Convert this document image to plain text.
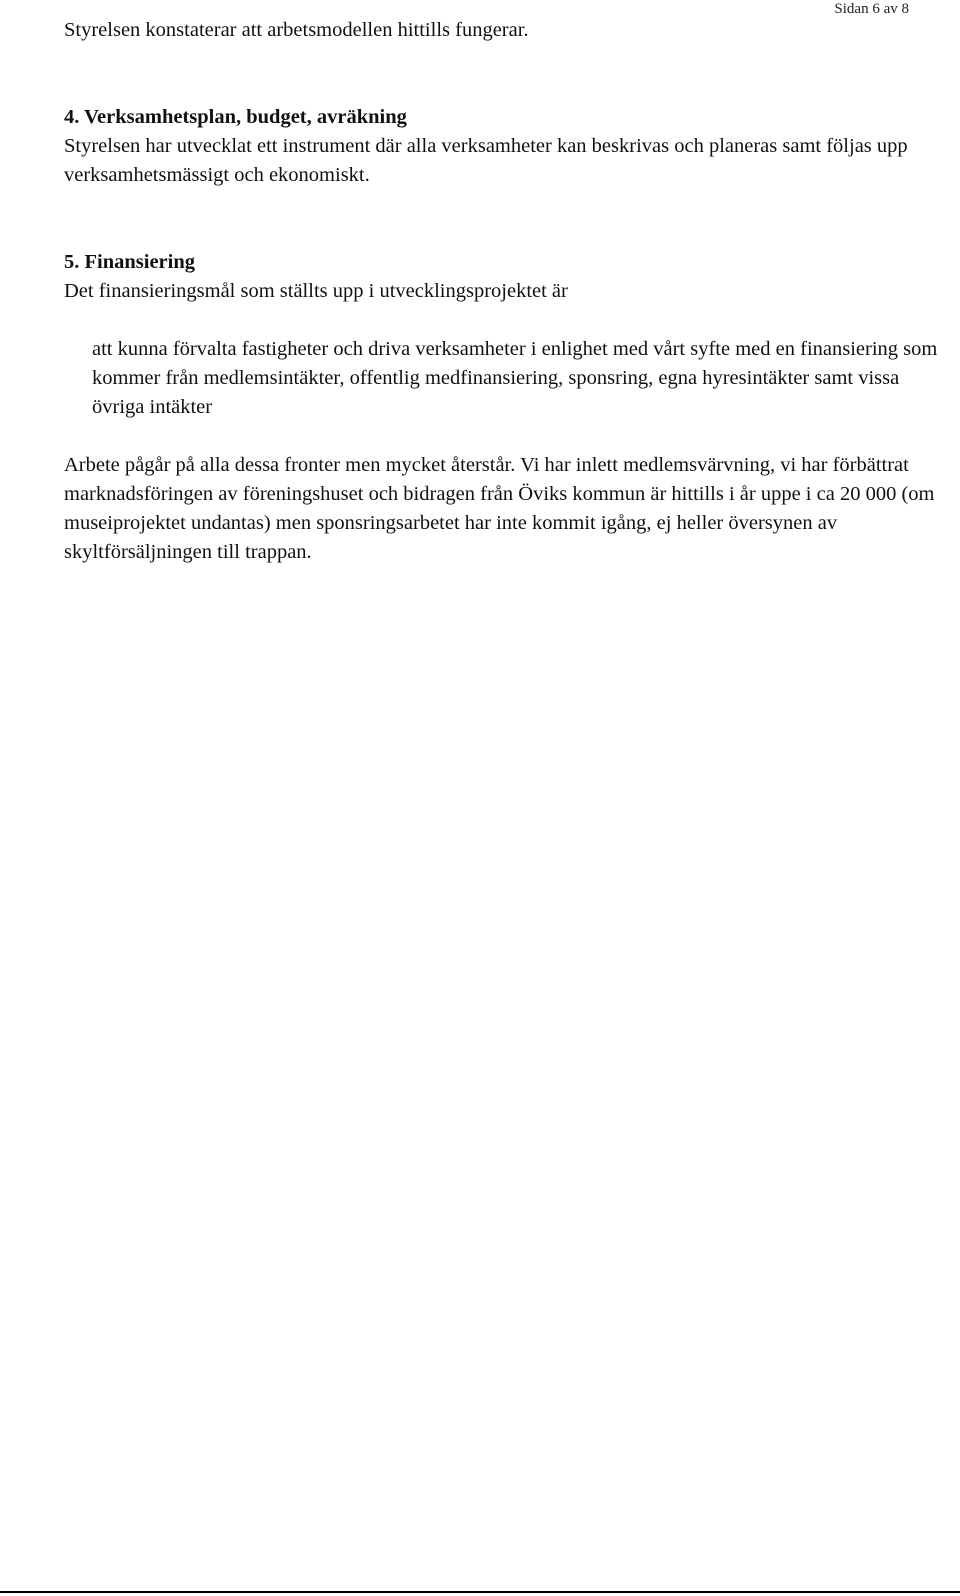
Sidan 6 av 8

Styrelsen konstaterar att arbetsmodellen hittills fungerar.

4. Verksamhetsplan, budget, avräkning

Styrelsen har utvecklat ett instrument där alla verksamheter kan beskrivas och planeras samt följas upp verksamhetsmässigt och ekonomiskt.

5. Finansiering

Det finansieringsmål som ställts upp i utvecklingsprojektet är

att kunna förvalta fastigheter och driva verksamheter i enlighet med vårt syfte med en finansiering som kommer från medlemsintäkter, offentlig medfinansiering, sponsring, egna hyresintäkter samt vissa övriga intäkter

Arbete pågår på alla dessa fronter men mycket återstår. Vi har inlett medlemsvärvning, vi har förbättrat marknadsföringen av föreningshuset och bidragen från Öviks kommun är hittills i år uppe i ca 20 000 (om museiprojektet undantas) men sponsringsarbetet har inte kommit igång, ej heller översynen av skyltförsäljningen till trappan.
